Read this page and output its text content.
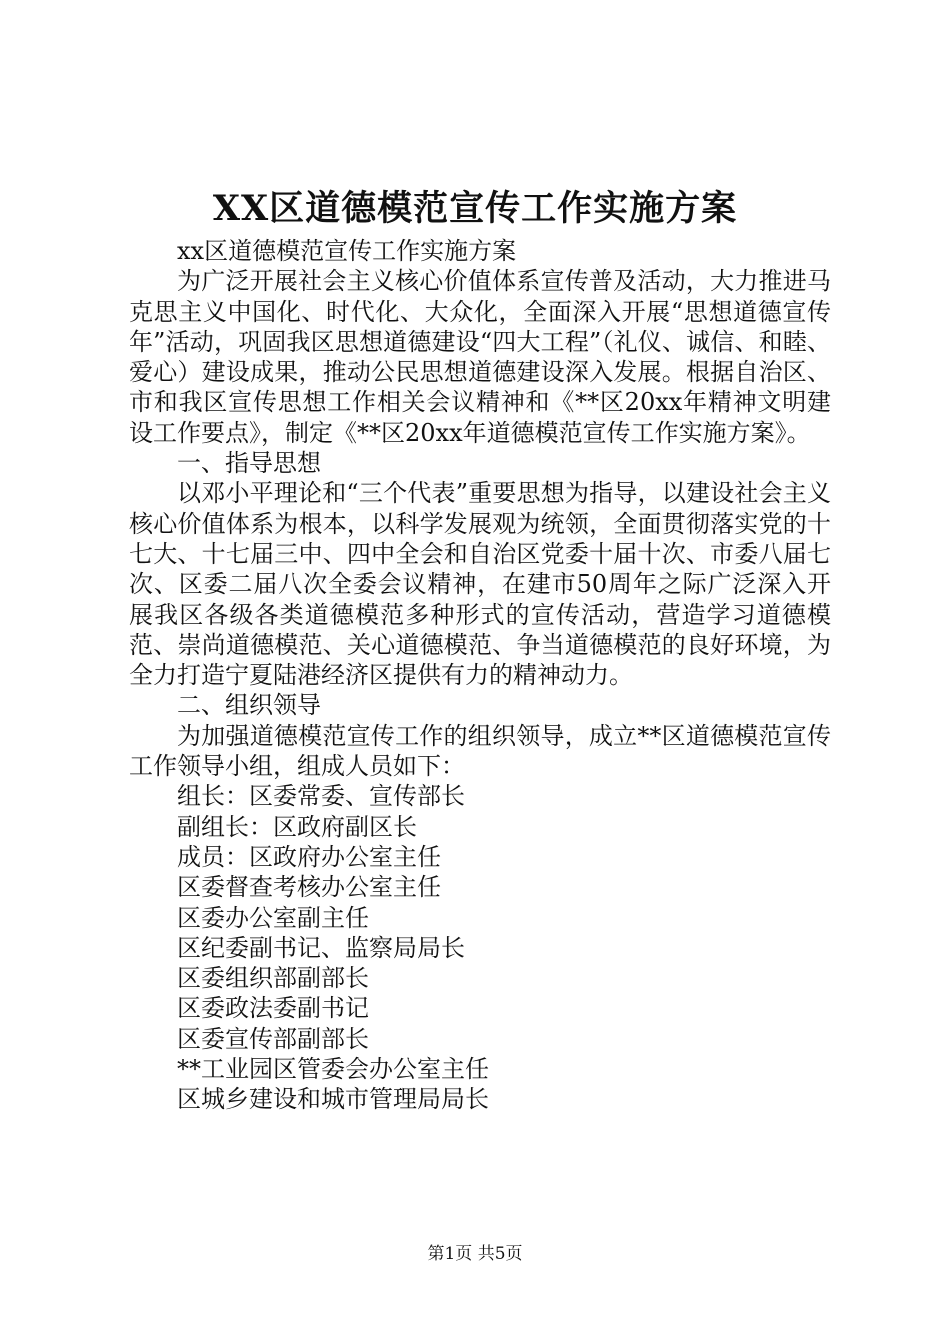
XX区道德模范宣传工作实施方案

xx区道德模范宣传工作实施方案

为广泛开展社会主义核心价值体系宣传普及活动，大力推进马克思主义中国化、时代化、大众化，全面深入开展“思想道德宣传年”活动，巩固我区思想道德建设“四大工程”（礼仪、诚信、和睦、爱心）建设成果，推动公民思想道德建设深入发展。根据自治区、市和我区宣传思想工作相关会议精神和《**区20xx年精神文明建设工作要点》，制定《**区20xx年道德模范宣传工作实施方案》。

一、指导思想

以邓小平理论和“三个代表”重要思想为指导，以建设社会主义核心价值体系为根本，以科学发展观为统领，全面贯彻落实党的十七大、十七届三中、四中全会和自治区党委十届十次、市委八届七次、区委二届八次全委会议精神，在建市50周年之际广泛深入开展我区各级各类道德模范多种形式的宣传活动，营造学习道德模范、崇尚道德模范、关心道德模范、争当道德模范的良好环境，为全力打造宁夏陆港经济区提供有力的精神动力。

二、组织领导

为加强道德模范宣传工作的组织领导，成立**区道德模范宣传工作领导小组，组成人员如下：

组长：区委常委、宣传部长

副组长：区政府副区长

成员：区政府办公室主任

区委督查考核办公室主任

区委办公室副主任

区纪委副书记、监察局局长

区委组织部副部长

区委政法委副书记

区委宣传部副部长

**工业园区管委会办公室主任

区城乡建设和城市管理局局长

第1页 共5页
